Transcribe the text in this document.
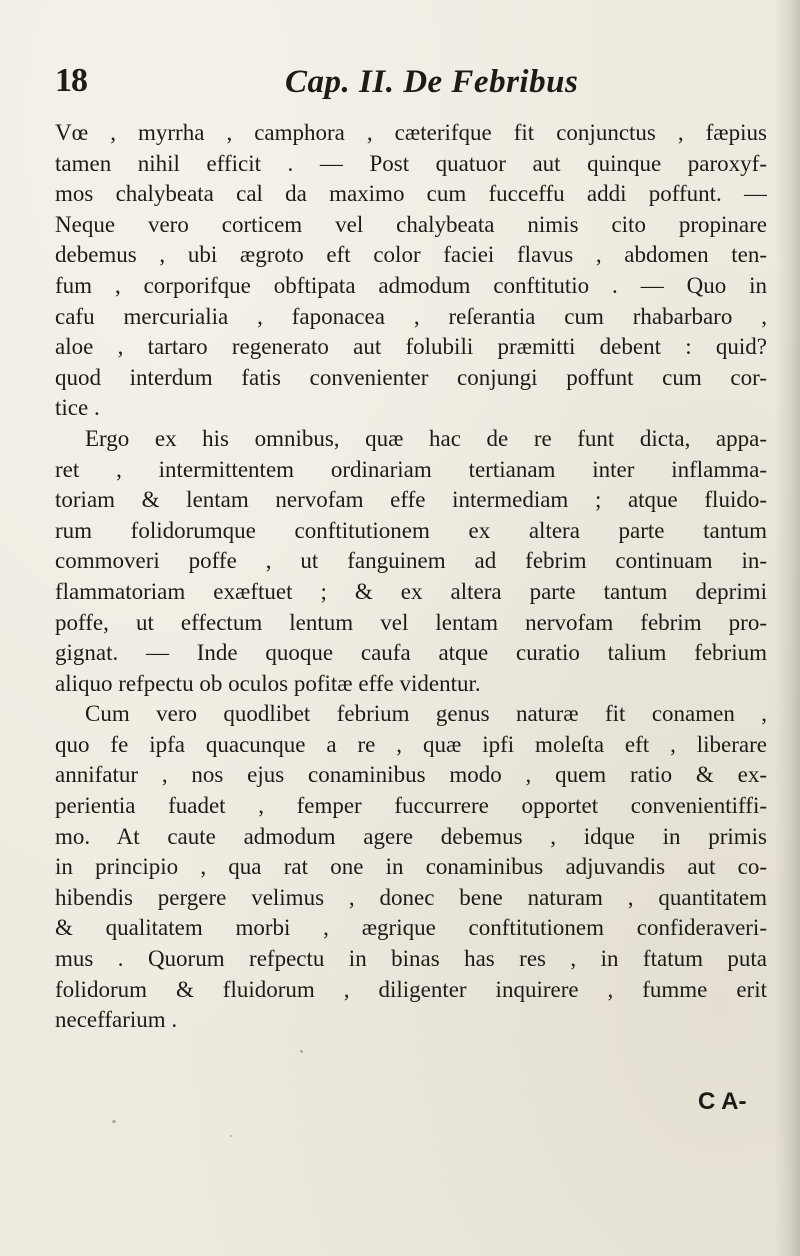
18	Cap. II. De Febribus
Vœ , myrrha , camphora , cæterifque fit conjunctus , fæpius
tamen nihil efficit . — Post quatuor aut quinque paroxyf-
mos chalybeata cal da maximo cum fucceffu addi poffunt. —
Neque vero corticem vel chalybeata nimis cito propinare
debemus , ubi ægroto eft color faciei flavus , abdomen ten-
fum , corporifque obftipata admodum conftitutio . — Quo in
cafu mercurialia , faponacea , reſerantia cum rhabarbaro ,
aloe , tartaro regenerato aut folubili præmitti debent : quid?
quod interdum fatis convenienter conjungi poffunt cum cor-
tice .
Ergo ex his omnibus, quæ hac de re funt dicta, appa-
ret , intermittentem ordinariam tertianam inter inflamma-
toriam & lentam nervofam effe intermediam ; atque fluido-
rum folidorumque conftitutionem ex altera parte tantum
commoveri poffe , ut fanguinem ad febrim continuam in-
flammatoriam exæftuet ; & ex altera parte tantum deprimi
poffe, ut effectum lentum vel lentam nervofam febrim pro-
gignat. — Inde quoque caufa atque curatio talium febrium
aliquo refpectu ob oculos pofitæ effe videntur.
Cum vero quodlibet febrium genus naturæ fit conamen ,
quo fe ipfa quacunque a re , quæ ipfi moleſta eft , liberare
annifatur , nos ejus conaminibus modo , quem ratio & ex-
perientia fuadet , femper fuccurrere opportet convenientiffi-
mo. At caute admodum agere debemus , idque in primis
in principio , qua rat one in conaminibus adjuvandis aut co-
hibendis pergere velimus , donec bene naturam , quantitatem
& qualitatem morbi , ægrique conftitutionem confideraveri-
mus . Quorum refpectu in binas has res , in ftatum puta
folidorum & fluidorum , diligenter inquirere , fumme erit
neceffarium .
C A-
